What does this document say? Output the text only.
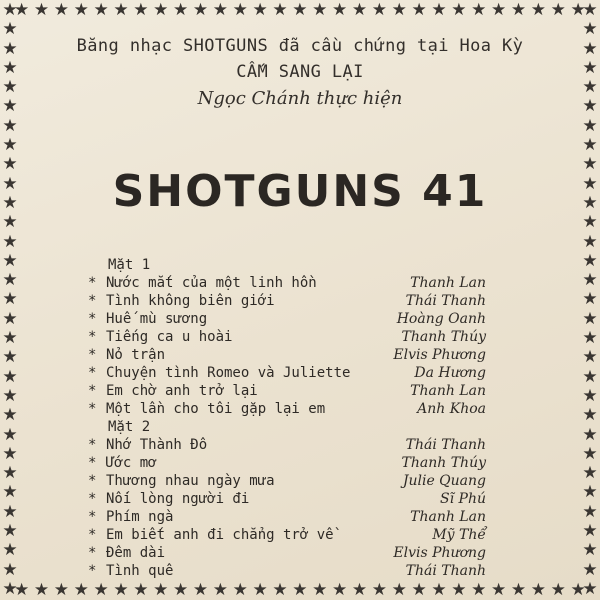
★
★
★
★
★
★
★
★
★
★
★
★
★
★
★
★
★
★
★
★
★
★
★
★
★
★
★
★
★
★
★
★
★
★
★
★
★
★
★
★
★
★
★
★
★
★
★
★
★
★
★
★
★
★
★
★
★
★
★
★
★
★
★ ★ ★ ★ ★ ★ ★ ★ ★ ★ ★ ★ ★ ★ ★ ★ ★ ★ ★ ★ ★ ★ ★ ★ ★ ★ ★ ★ ★
★ ★ ★ ★ ★ ★ ★ ★ ★ ★ ★ ★ ★ ★ ★ ★ ★ ★ ★ ★ ★ ★ ★ ★ ★ ★ ★ ★ ★
Băng nhạc SHOTGUNS đã cầu chứng tại Hoa Kỳ
CẤM SANG LẠI
Ngọc Chánh thực hiện
SHOTGUNS 41
Mặt 1
* Nước mắt của một linh hồn	Thanh Lan
* Tình không biên giới	Thái Thanh
* Huế mù sương	Hoàng Oanh
* Tiếng ca u hoài	Thanh Thúy
* Nỏ trận	Elvis Phương
* Chuyện tình Romeo và Juliette	Da Hương
* Em chờ anh trở lại	Thanh Lan
* Một lần cho tôi gặp lại em	Anh Khoa
Mặt 2
* Nhớ Thành Đô	Thái Thanh
* Ước mơ	Thanh Thúy
* Thương nhau ngày mưa	Julie Quang
* Nối lòng người đi	Sĩ Phú
* Phím ngà	Thanh Lan
* Em biết anh đi chẳng trở về	Mỹ Thể
* Đêm dài	Elvis Phương
* Tình quê	Thái Thanh
